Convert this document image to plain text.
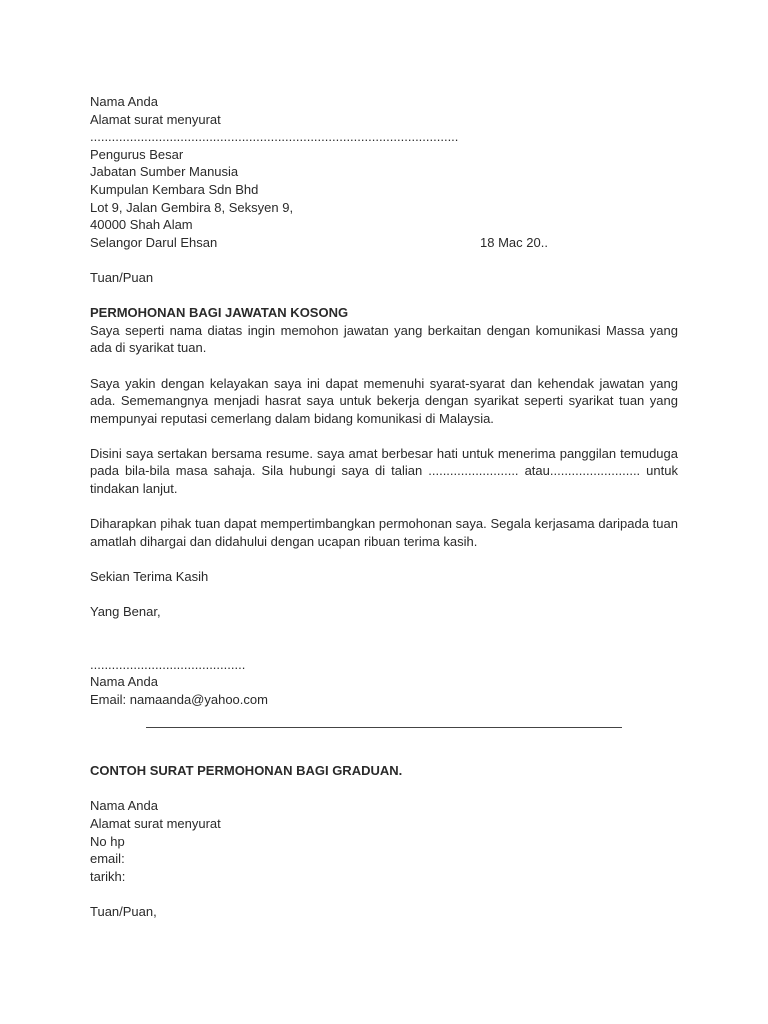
Nama Anda
Alamat surat menyurat
......................................................................................................
Pengurus Besar
Jabatan Sumber Manusia
Kumpulan Kembara Sdn Bhd
Lot 9, Jalan Gembira 8, Seksyen 9,
40000 Shah Alam
Selangor Darul Ehsan	18 Mac 20..
Tuan/Puan
PERMOHONAN BAGI JAWATAN KOSONG
Saya seperti nama diatas ingin memohon jawatan yang berkaitan dengan komunikasi Massa yang ada di syarikat tuan.
Saya yakin dengan kelayakan saya ini dapat memenuhi syarat-syarat dan kehendak jawatan yang ada. Sememangnya menjadi hasrat saya untuk bekerja dengan syarikat seperti syarikat tuan yang mempunyai reputasi cemerlang dalam bidang komunikasi di Malaysia.
Disini saya sertakan bersama resume. saya amat berbesar hati untuk menerima panggilan temuduga pada bila-bila masa sahaja. Sila hubungi saya di talian ......................... atau......................... untuk tindakan lanjut.
Diharapkan pihak tuan dapat mempertimbangkan permohonan saya. Segala kerjasama daripada tuan amatlah dihargai dan didahului dengan ucapan ribuan terima kasih.
Sekian Terima Kasih
Yang Benar,
...........................................
Nama Anda
Email: namaanda@yahoo.com
CONTOH SURAT PERMOHONAN BAGI GRADUAN.
Nama Anda
Alamat surat menyurat
No hp
email:
tarikh:
Tuan/Puan,
